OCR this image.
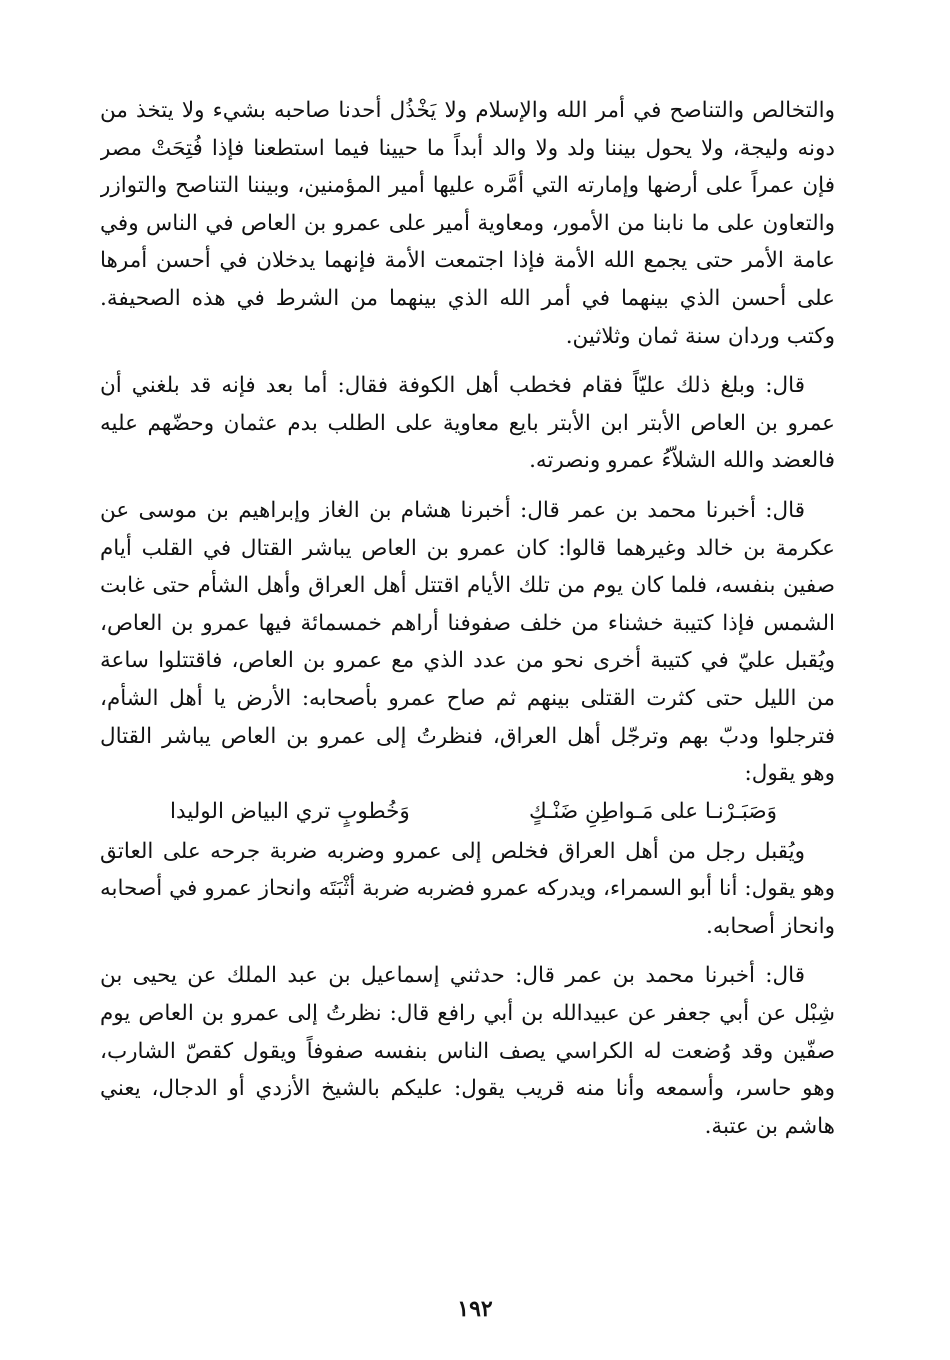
والتخالص والتناصح في أمر الله والإسلام ولا يَخْذُل أحدنا صاحبه بشيء ولا يتخذ من دونه وليجة، ولا يحول بيننا ولد ولا والد أبداً ما حيينا فيما استطعنا فإذا فُتِحَتْ مصر فإن عمراً على أرضها وإمارته التي أمَّره عليها أمير المؤمنين، وبيننا التناصح والتوازر والتعاون على ما نابنا من الأمور، ومعاوية أمير على عمرو بن العاص في الناس وفي عامة الأمر حتى يجمع الله الأمة فإذا اجتمعت الأمة فإنهما يدخلان في أحسن أمرها على أحسن الذي بينهما في أمر الله الذي بينهما من الشرط في هذه الصحيفة. وكتب وردان سنة ثمان وثلاثين.

قال: وبلغ ذلك عليّاً فقام فخطب أهل الكوفة فقال: أما بعد فإنه قد بلغني أن عمرو بن العاص الأبتر ابن الأبتر بايع معاوية على الطلب بدم عثمان وحضّهم عليه فالعضد والله الشلاّءُ عمرو ونصرته.

قال: أخبرنا محمد بن عمر قال: أخبرنا هشام بن الغاز وإبراهيم بن موسى عن عكرمة بن خالد وغيرهما قالوا: كان عمرو بن العاص يباشر القتال في القلب أيام صفين بنفسه، فلما كان يوم من تلك الأيام اقتتل أهل العراق وأهل الشأم حتى غابت الشمس فإذا كتيبة خشناء من خلف صفوفنا أراهم خمسمائة فيها عمرو بن العاص، ويُقبل عليّ في كتيبة أخرى نحو من عدد الذي مع عمرو بن العاص، فاقتتلوا ساعة من الليل حتى كثرت القتلى بينهم ثم صاح عمرو بأصحابه: الأرض يا أهل الشأم، فترجلوا ودبّ بهم وترجّل أهل العراق، فنظرتُ إلى عمرو بن العاص يباشر القتال وهو يقول:

وَصَبَـرْنـا على مَـواطِنِ ضَنْـكٍ
وَخُطوبٍ تري البياض الوليدا

ويُقبل رجل من أهل العراق فخلص إلى عمرو وضربه ضربة جرحه على العاتق وهو يقول: أنا أبو السمراء، ويدركه عمرو فضربه ضربة أثْبَتَه وانحاز عمرو في أصحابه وانحاز أصحابه.

قال: أخبرنا محمد بن عمر قال: حدثني إسماعيل بن عبد الملك عن يحيى بن شِبْل عن أبي جعفر عن عبيدالله بن أبي رافع قال: نظرتُ إلى عمرو بن العاص يوم صفّين وقد وُضعت له الكراسي يصف الناس بنفسه صفوفاً ويقول كقصّ الشارب، وهو حاسر، وأسمعه وأنا منه قريب يقول: عليكم بالشيخ الأزدي أو الدجال، يعني هاشم بن عتبة.

١٩٢
